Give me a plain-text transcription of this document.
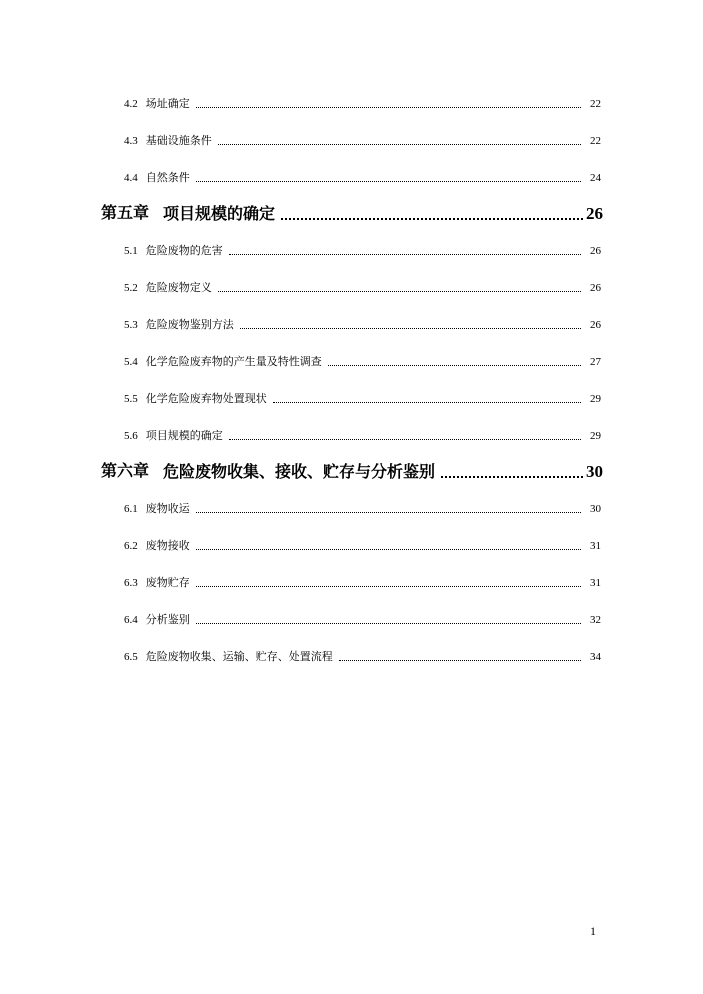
4.2 场址确定	22
4.3 基础设施条件	22
4.4 自然条件	24
第五章 项目规模的确定	26
5.1 危险废物的危害	26
5.2 危险废物定义	26
5.3 危险废物鉴别方法	26
5.4 化学危险废弃物的产生量及特性调查	27
5.5 化学危险废弃物处置现状	29
5.6 项目规模的确定	29
第六章 危险废物收集、接收、贮存与分析鉴别	30
6.1 废物收运	30
6.2 废物接收	31
6.3 废物贮存	31
6.4 分析鉴别	32
6.5 危险废物收集、运输、贮存、处置流程	34
1
